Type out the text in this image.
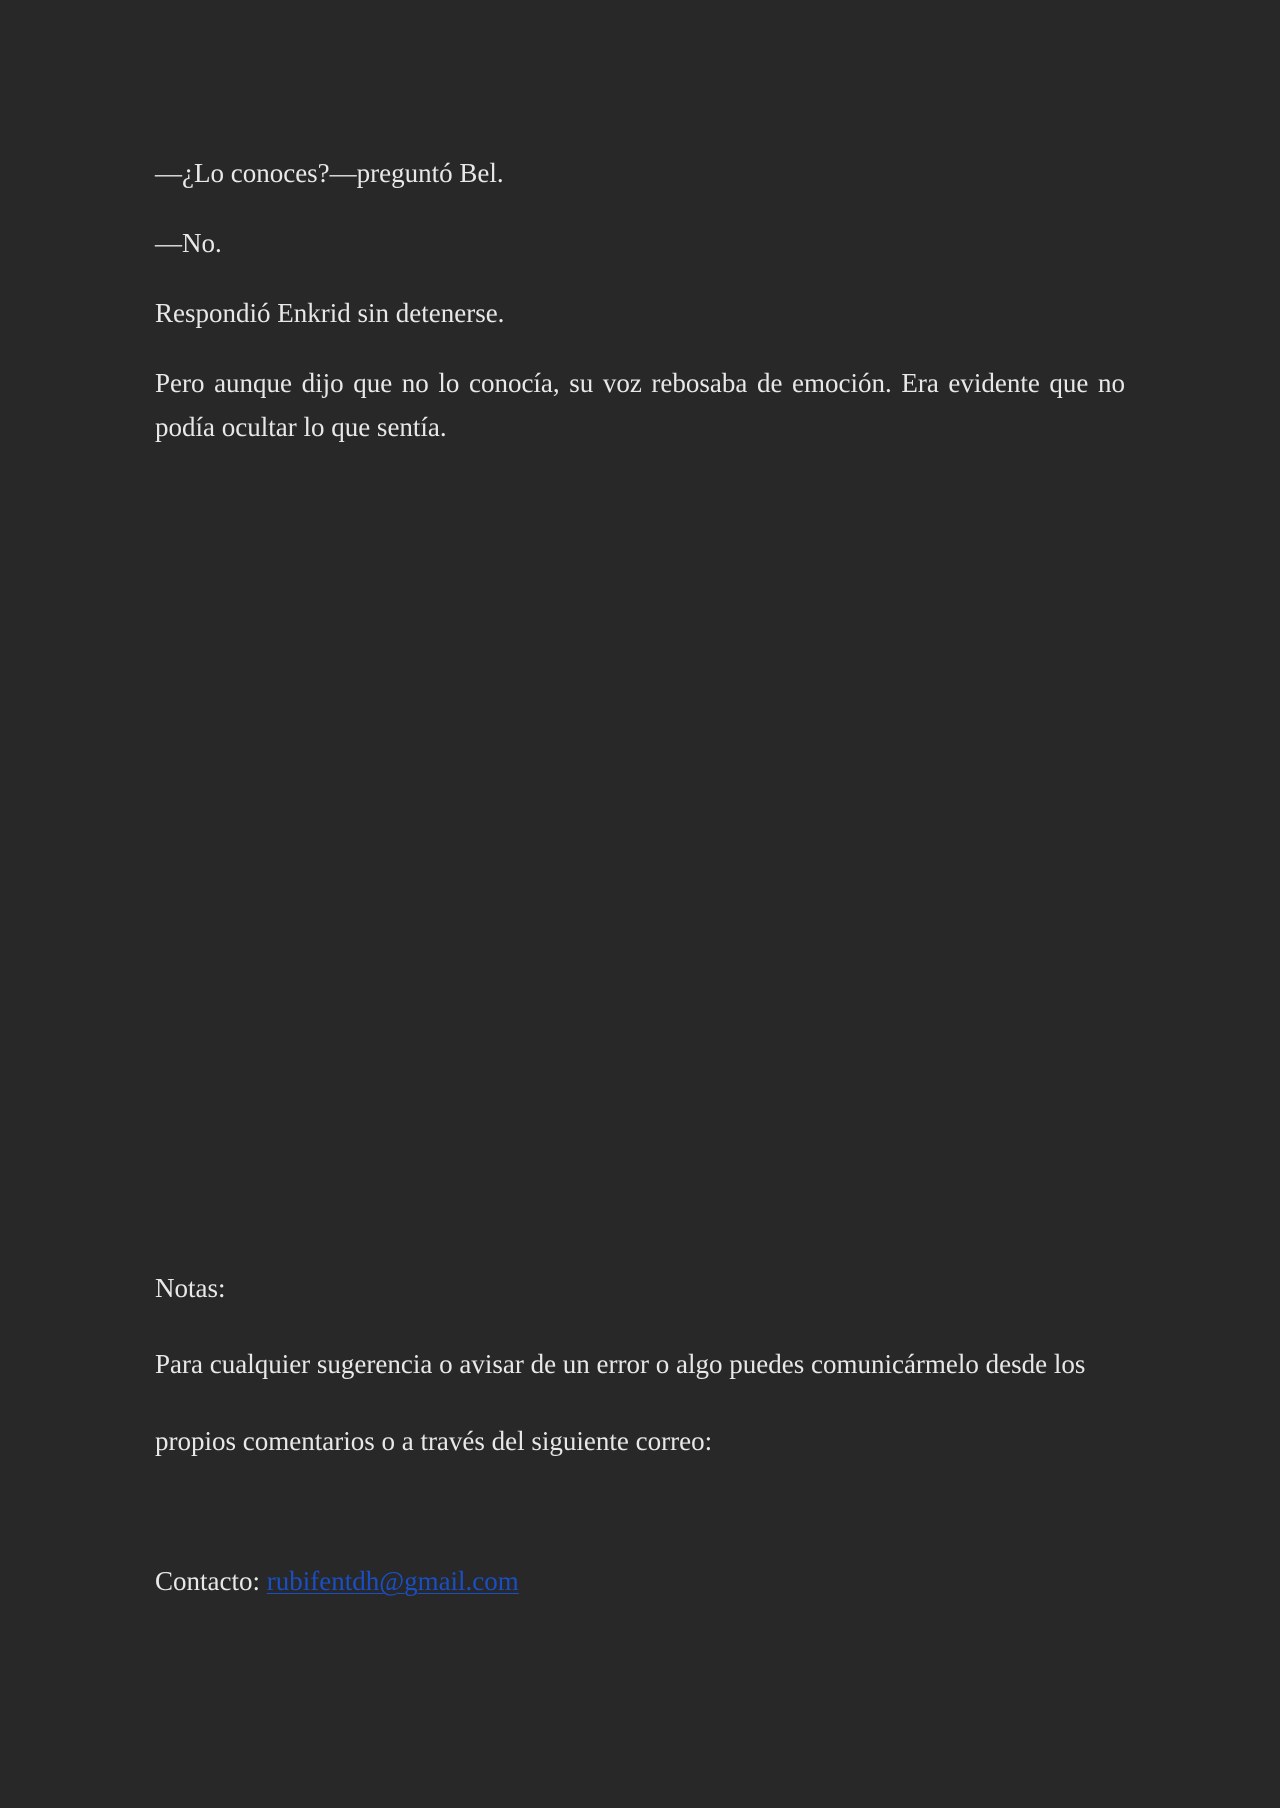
—¿Lo conoces?—preguntó Bel.

—No.

Respondió Enkrid sin detenerse.

Pero aunque dijo que no lo conocía, su voz rebosaba de emoción. Era evidente que no podía ocultar lo que sentía.

Notas:

Para cualquier sugerencia o avisar de un error o algo puedes comunicármelo desde los

propios comentarios o a través del siguiente correo:

Contacto: rubifentdh@gmail.com
